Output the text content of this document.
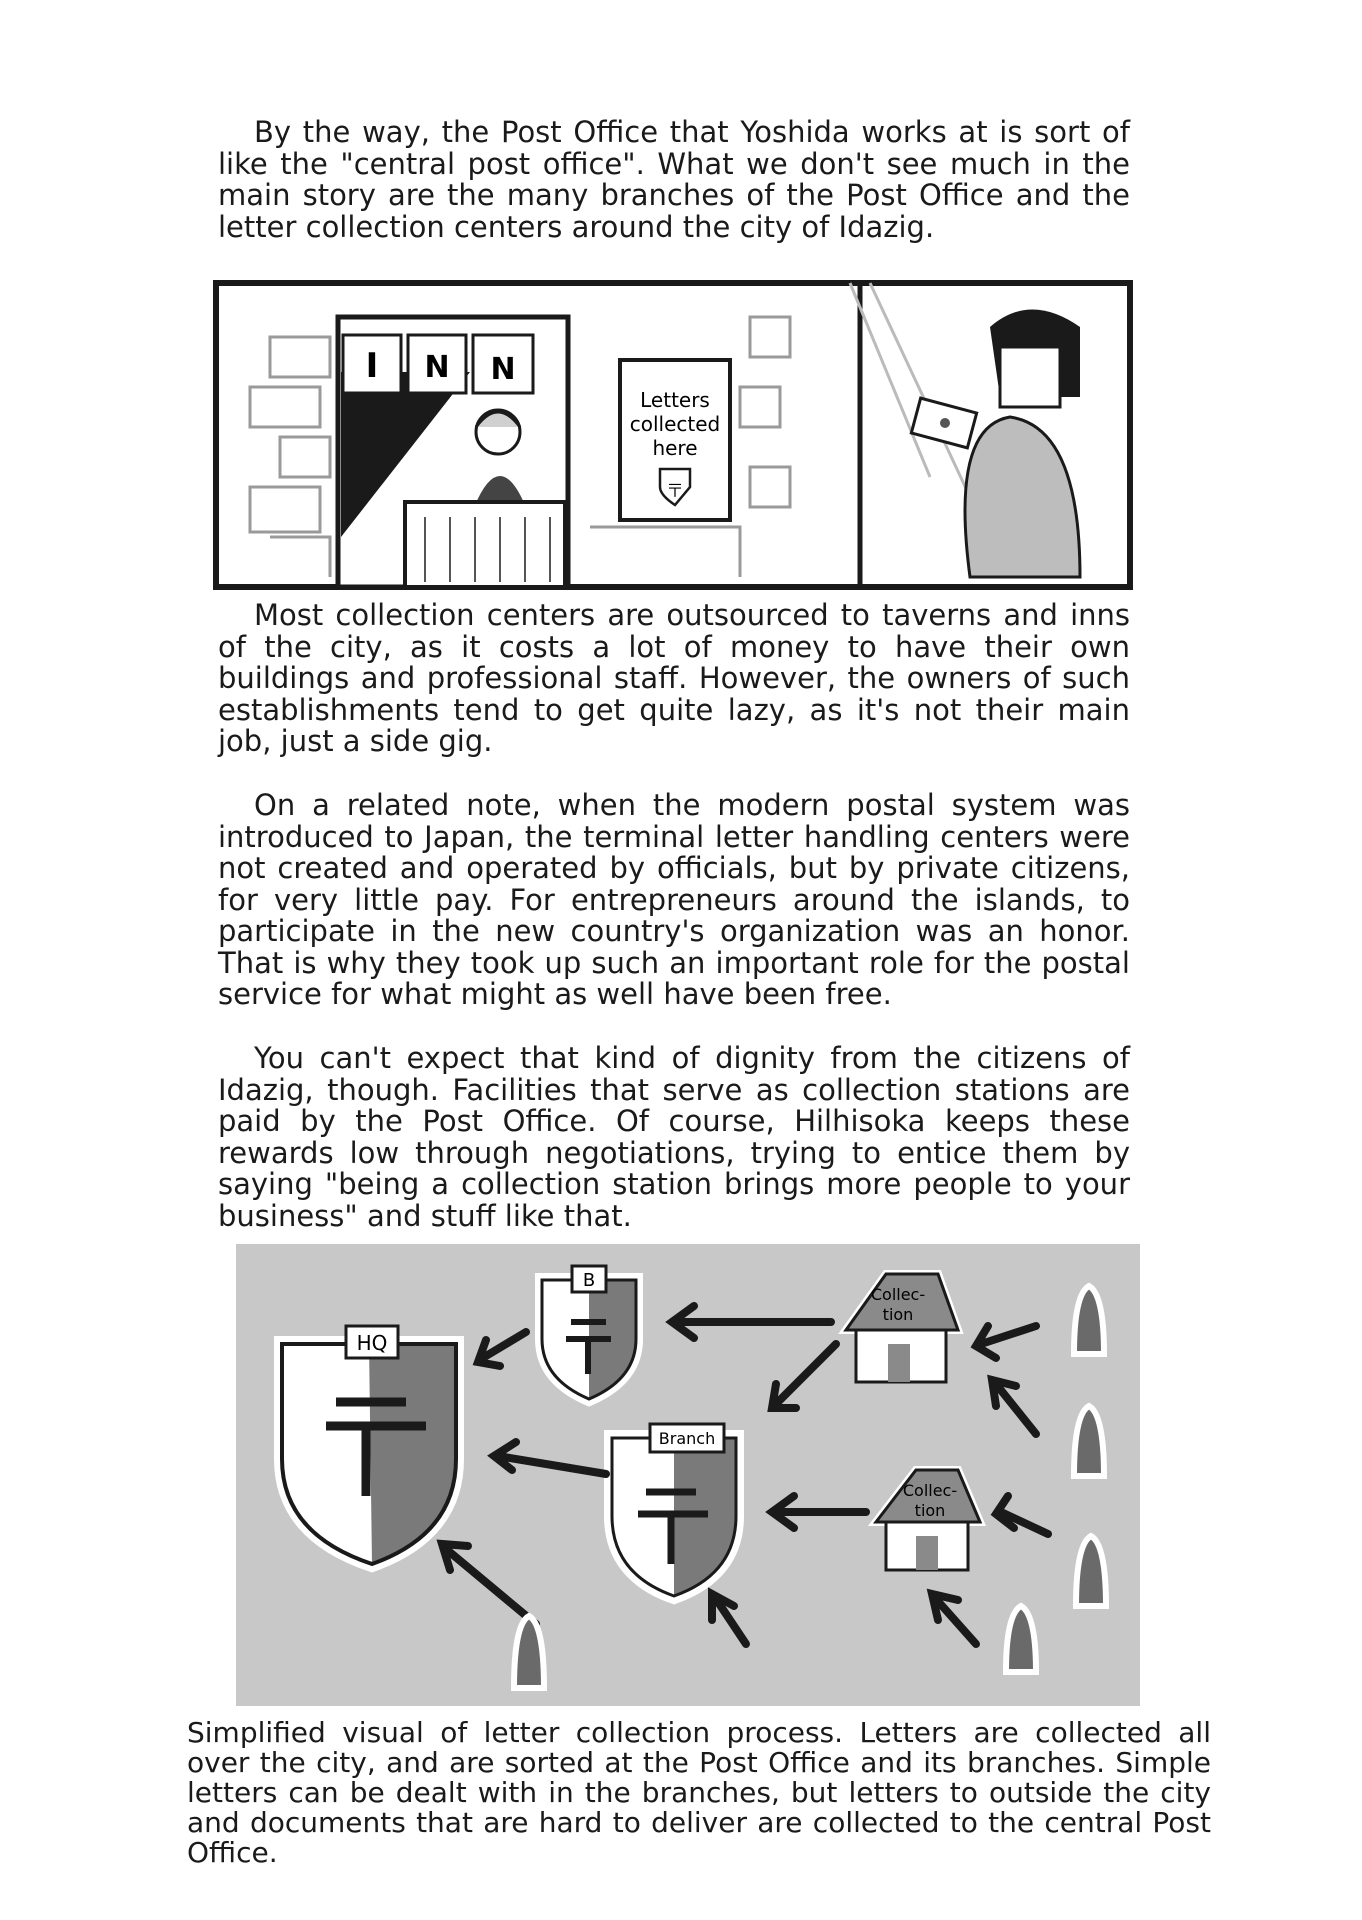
By the way, the Post Office that Yoshida works at is sort of like the "central post office". What we don't see much in the main story are the many branches of the Post Office and the letter collection centers around the city of Idazig.

I N N
Letters
collected
here
〒

Most collection centers are outsourced to taverns and inns of the city, as it costs a lot of money to have their own buildings and professional staff. However, the owners of such establishments tend to get quite lazy, as it's not their main job, just a side gig.

On a related note, when the modern postal system was introduced to Japan, the terminal letter handling centers were not created and operated by officials, but by private citizens, for very little pay. For entrepreneurs around the islands, to participate in the new country's organization was an honor. That is why they took up such an important role for the postal service for what might as well have been free.

You can't expect that kind of dignity from the citizens of Idazig, though. Facilities that serve as collection stations are paid by the Post Office. Of course, Hilhisoka keeps these rewards low through negotiations, trying to entice them by saying "being a collection station brings more people to your business" and stuff like that.

HQ
B
Branch
Collec-
tion
Collec-
tion

Simplified visual of letter collection process. Letters are collected all over the city, and are sorted at the Post Office and its branches. Simple letters can be dealt with in the branches, but letters to outside the city and documents that are hard to deliver are collected to the central Post Office.
